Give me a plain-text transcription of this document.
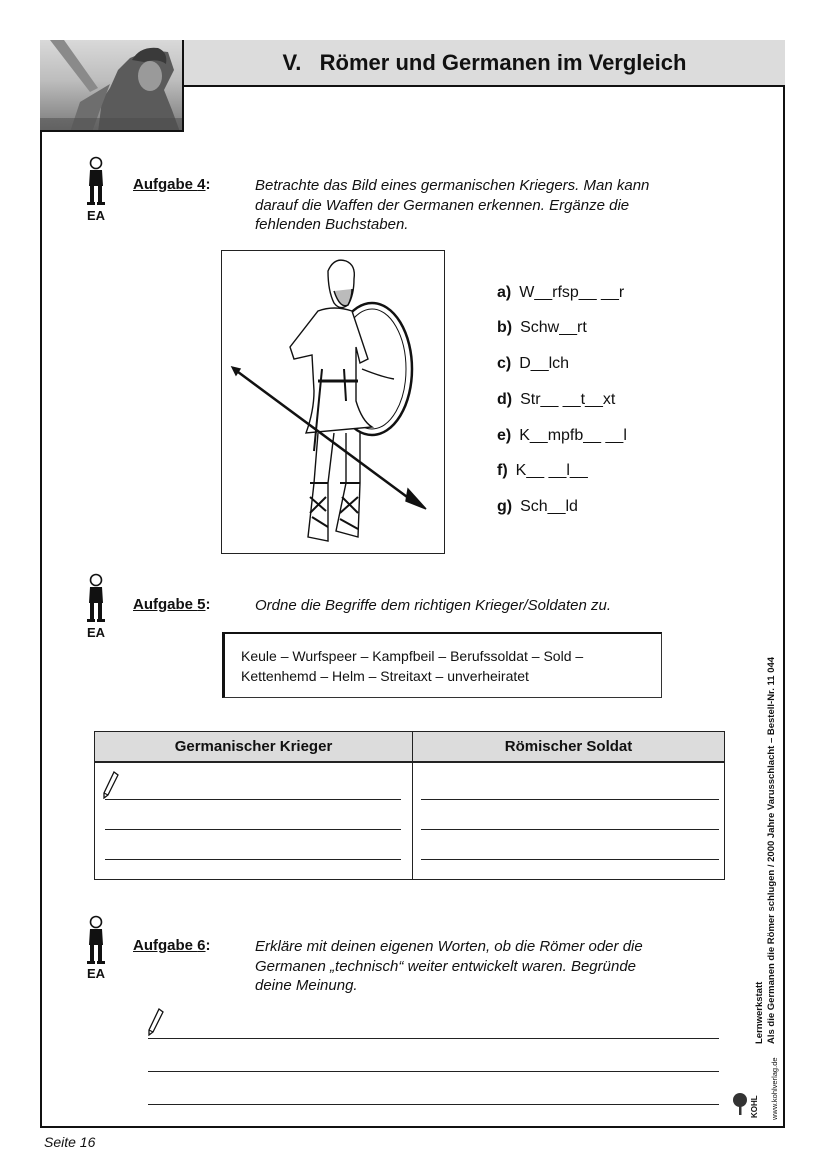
V.
Römer und Germanen im Vergleich
EA
Aufgabe 4:	Betrachte das Bild eines germanischen Kriegers. Man kann
darauf die Waffen der Germanen erkennen. Ergänze die
fehlenden Buchstaben.
a) W__rfsp__ __r
b) Schw__rt
c) D__lch
d) Str__ __t__xt
e) K__mpfb__ __l
f) K__ __l__
g) Sch__ld
EA
Aufgabe 5:	Ordne die Begriffe dem richtigen Krieger/Soldaten zu.
Keule – Wurfspeer – Kampfbeil – Berufssoldat – Sold –
Kettenhemd – Helm – Streitaxt – unverheiratet
Germanischer Krieger	Römischer Soldat

EA
Aufgabe 6:	Erkläre mit deinen eigenen Worten, ob die Römer oder die
Germanen „technisch“ weiter entwickelt waren. Begründe
deine Meinung.	Lernwerkstatt Als die Germanen die Römer schlugen / 2000 Jahre Varusschlacht – Bestell-Nr. 11 044
KOHL www.kohlverlag.de
Seite 16
